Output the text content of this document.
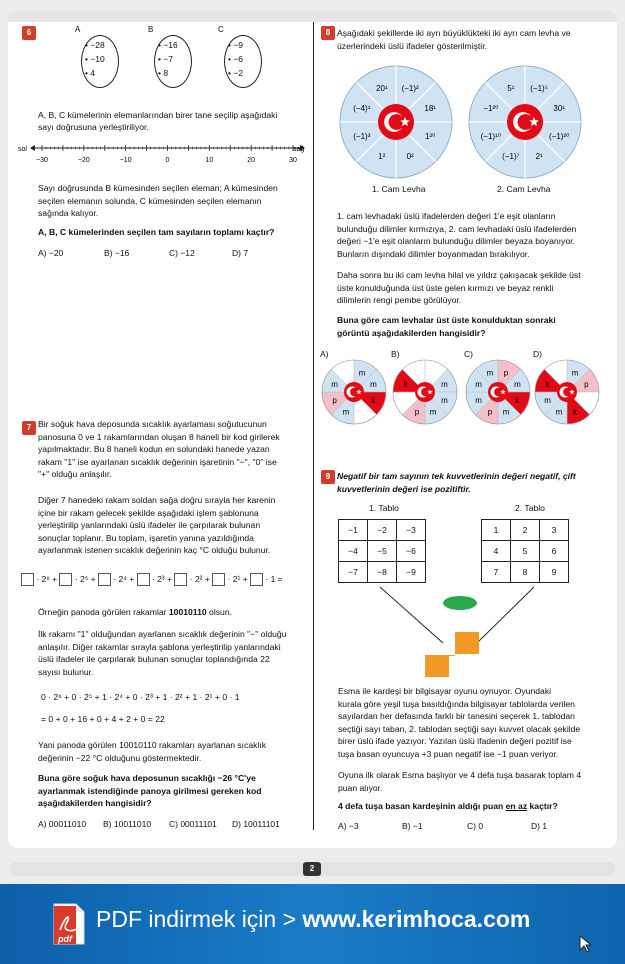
6
A, B, C kümelerinin elemanlarından birer tane seçilip aşağıdaki
sayı doğrusuna yerleştiriliyor.
sol	sağ
−30	−20	−10	0	10	20	30
A, B, C kümelerinden seçilen tam sayıların toplamı kaçtır?
7
· 2⁶ +  · 2⁵ +  · 2⁴ +  · 2³ +  · 2² +  · 2¹ +  · 1 =
Örneğin panoda görülen rakamlar 10010110 olsun.
0 · 2⁶ + 0 · 2⁵ + 1 · 2⁴ + 0 · 2³ + 1 · 2² + 1 · 2¹ + 0 · 1
= 0 + 0 + 16 + 0 + 4 + 2 + 0 = 22
8
(−1)²
18¹
1²⁰
0²
1²
(−1)³
(−4)¹
20¹	(−1)⁵
30¹
(−1)²⁰
2¹
(−1)⁷
(−1)¹⁰
−1²⁰
5¹
1. Cam Levha	2. Cam Levha
9
1. Tablo	2. Tablo
−1	−2	−3
−4	−5	−6
−7	−8	−9
1	2	3
4	5	6
7	8	9
4 defa tuşa basan kardeşinin aldığı puan en az kaçtır?
2
pdf
PDF indirmek için > www.kerimhoca.com
A
• −28
• −10
• 4
B
• −16
• −7
• 8
C
• −9
• −6
• −2
Sayı doğrusunda B kümesinden seçilen eleman; A kümesinden
seçilen elemanın solunda, C kümesinden seçilen elemanın
sağında kalıyor.
A) −20	B) −16	C) −12	D) 7
Bir soğuk hava deposunda sıcaklık ayarlaması soğutucunun
panosuna 0 ve 1 rakamlarından oluşan 8 haneli bir kod girilerek
yapılmaktadır. Bu 8 haneli kodun en solundaki hanede yazan
rakam "1" ise ayarlanan sıcaklık değerinin işaretinin "−", "0" ise
"+" olduğu anlaşılır.
Diğer 7 hanedeki rakam soldan sağa doğru sırayla her karenin
içine bir rakam gelecek şekilde aşağıdaki işlem şablonuna
yerleştirilip yanlarındaki üslü ifadeler ile çarpılarak bulunan
sonuçlar toplanır. Bu toplam, işaretin yanına yazıldığında
ayarlanmak istenen sıcaklık değerinin kaç °C olduğu bulunur.
İlk rakamı "1" olduğundan ayarlanan sıcaklık değerinin "−" olduğu
anlaşılır. Diğer rakamlar sırayla şablona yerleştirilip yanlarındaki
üslü ifadeler ile çarpılarak bulunan sonuçlar toplandığında 22
sayısı bulunur.
Yani panoda görülen 10010110 rakamları ayarlanan sıcaklık
değerinin −22 °C olduğunu göstermektedir.
Buna göre soğuk hava deposunun sıcaklığı −26 °C'ye
ayarlanmak istendiğinde panoya girilmesi gereken kod
aşağıdakilerden hangisidir?
A) 00011010 B) 10011010 C) 00011101 D) 10011101
Aşağıdaki şekillerde iki ayrı büyüklükteki iki ayrı cam levha ve
üzerlerindeki üslü ifadeler gösterilmiştir.
1. cam levhadaki üslü ifadelerden değeri 1'e eşit olanların
bulunduğu dilimler kırmızıya, 2. cam levhadaki üslü ifadelerden
değeri −1'e eşit olanların bulunduğu dilimler beyaza boyanıyor.
Bunların dışındaki dilimler boyanmadan bırakılıyor.
Daha sonra bu iki cam levha hilal ve yıldız çakışacak şekilde üst
üste konulduğunda üst üste gelen kırmızı ve beyaz renkli
dilimlerin rengi pembe görülüyor.
Buna göre cam levhalar üst üste konulduktan sonraki
görüntü aşağıdakilerden hangisidir?
A)
m
m
k
m
p
m
B)
m
m
m
p
k
C)
p
m
k
m
p
m
m
m
D)
m
p
k
m
m
k
Negatif bir tam sayının tek kuvvetlerinin değeri negatif, çift
kuvvetlerinin değeri ise pozitiftir.
Esma ile kardeşi bir bilgisayar oyunu oynuyor. Oyundaki
kurala göre yeşil tuşa basıldığında bilgisayar tablolarda verilen
sayılardan her defasında farklı bir tanesini seçerek 1. tablodan
seçtiği sayı taban, 2. tablodan seçtiği sayı kuvvet olacak şekilde
birer üslü ifade yazıyor. Yazılan üslü ifadenin değeri pozitif ise
tuşa basan oyuncuya +3 puan negatif ise −1 puan veriyor.
Oyuna ilk olarak Esma başlıyor ve 4 defa tuşa basarak toplam 4
puan alıyor.
A) −3	B) −1	C) 0	D) 1
